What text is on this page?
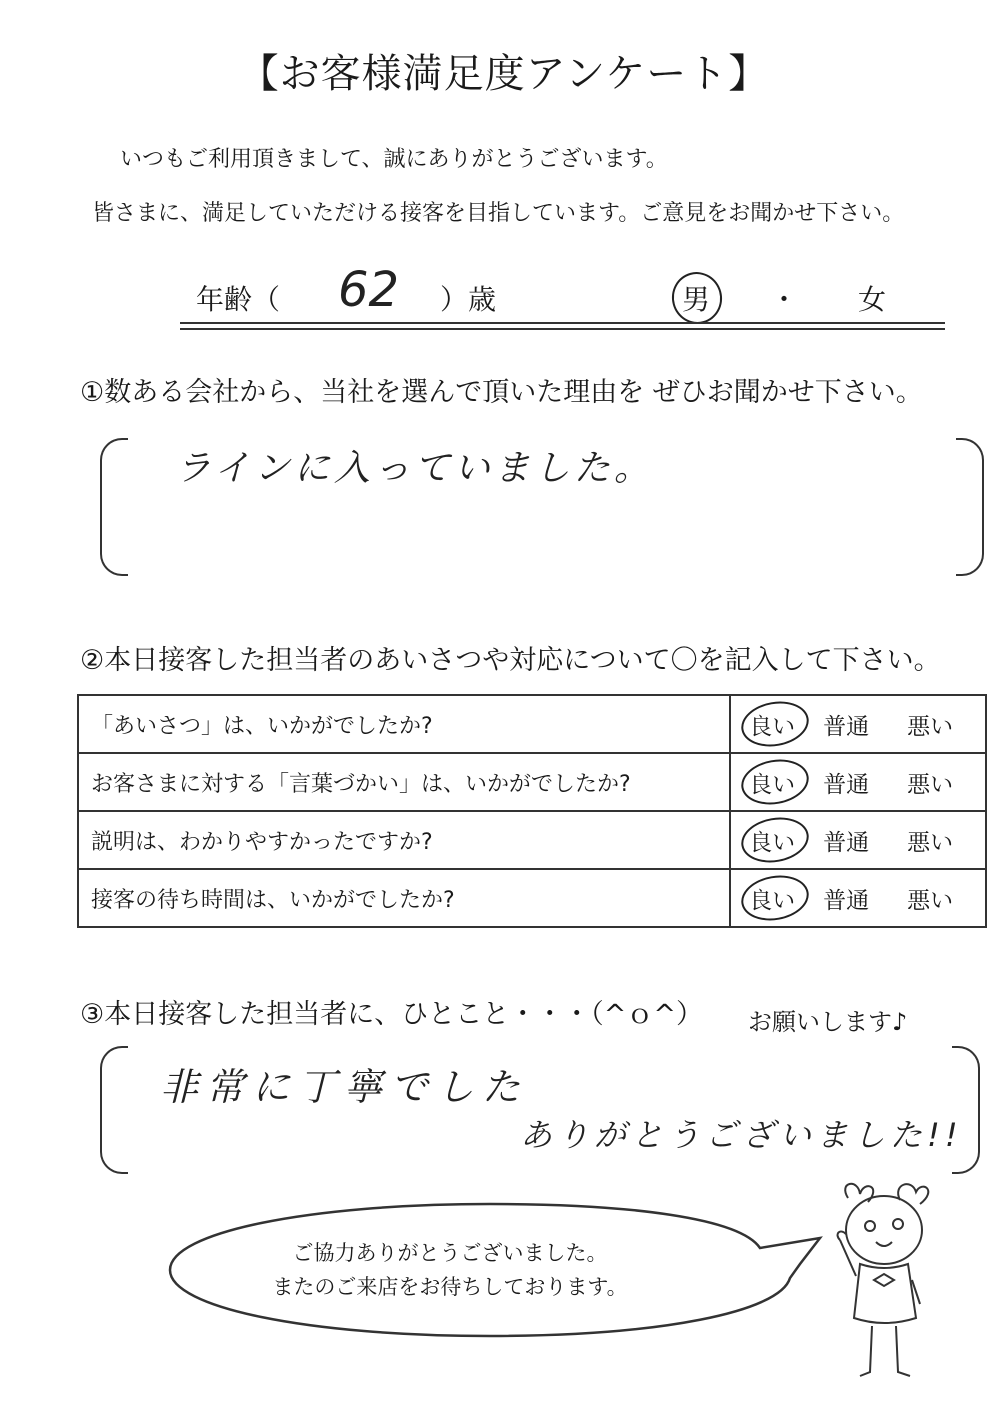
【お客様満足度アンケート】
いつもご利用頂きまして、誠にありがとうございます。
皆さまに、満足していただける接客を目指しています。ご意見をお聞かせ下さい。
年齢（ 62 ）歳	男 ・ 女
①数ある会社から、当社を選んで頂いた理由を ぜひお聞かせ下さい。
ラインに入っていました。
②本日接客した担当者のあいさつや対応について〇を記入して下さい。
「あいさつ」は、いかがでしたか?	良い 普通 悪い
お客さまに対する「言葉づかい」は、いかがでしたか?	良い 普通 悪い
説明は、わかりやすかったですか?	良い 普通 悪い
接客の待ち時間は、いかがでしたか?	良い 普通 悪い
③本日接客した担当者に、ひとこと・・・（^ｏ^） お願いします♪
非常に丁寧でした
ありがとうございました!!
ご協力ありがとうございました。
またのご来店をお待ちしております。
